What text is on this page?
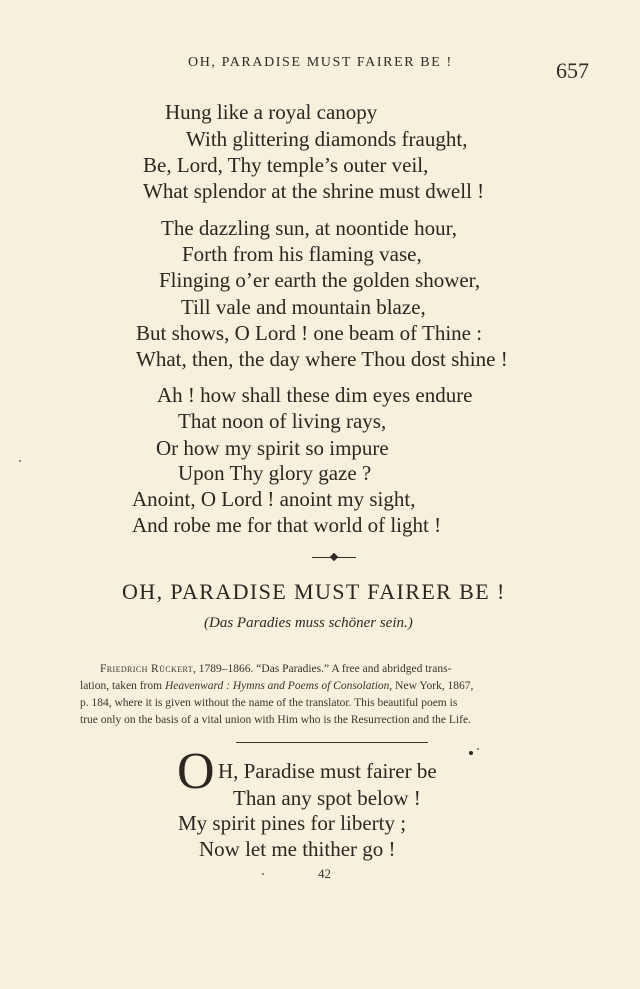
OH, PARADISE MUST FAIRER BE !	657
Hung like a royal canopy
With glittering diamonds fraught,
Be, Lord, Thy temple’s outer veil,
What splendor at the shrine must dwell !
The dazzling sun, at noontide hour,
Forth from his flaming vase,
Flinging o’er earth the golden shower,
Till vale and mountain blaze,
But shows, O Lord ! one beam of Thine :
What, then, the day where Thou dost shine !
Ah ! how shall these dim eyes endure
That noon of living rays,
Or how my spirit so impure
Upon Thy glory gaze ?
Anoint, O Lord ! anoint my sight,
And robe me for that world of light !
OH, PARADISE MUST FAIRER BE !
(Das Paradies muss schöner sein.)
Friedrich Rückert, 1789–1866. “Das Paradies.” A free and abridged trans-
lation, taken from Heavenward : Hymns and Poems of Consolation, New York, 1867,
p. 184, where it is given without the name of the translator. This beautiful poem is
true only on the basis of a vital union with Him who is the Resurrection and the Life.
O H, Paradise must fairer be
Than any spot below !
My spirit pines for liberty ;
Now let me thither go !
42
